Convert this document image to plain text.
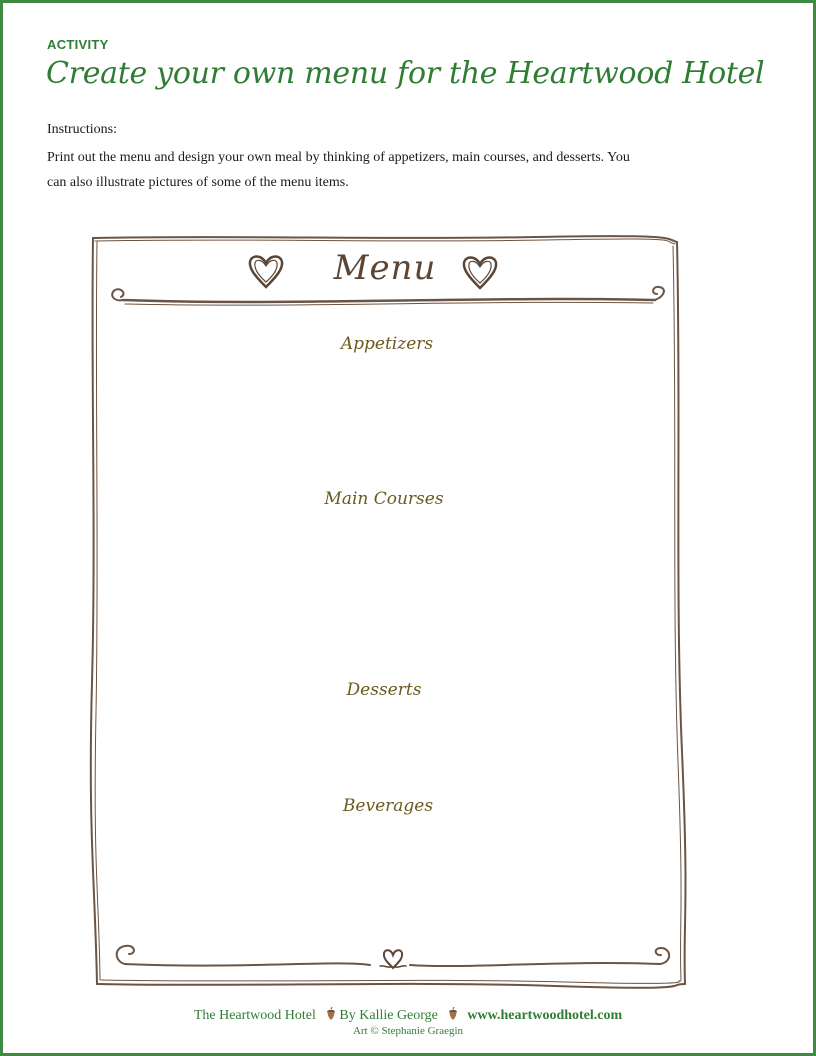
ACTIVITY
Create your own menu for the Heartwood Hotel
Instructions:
Print out the menu and design your own meal by thinking of appetizers, main courses, and desserts. You can also illustrate pictures of some of the menu items.
Menu
Appetizers
Main Courses
Desserts
Beverages
The Heartwood Hotel By Kallie George www.heartwoodhotel.com
Art © Stephanie Graegin
